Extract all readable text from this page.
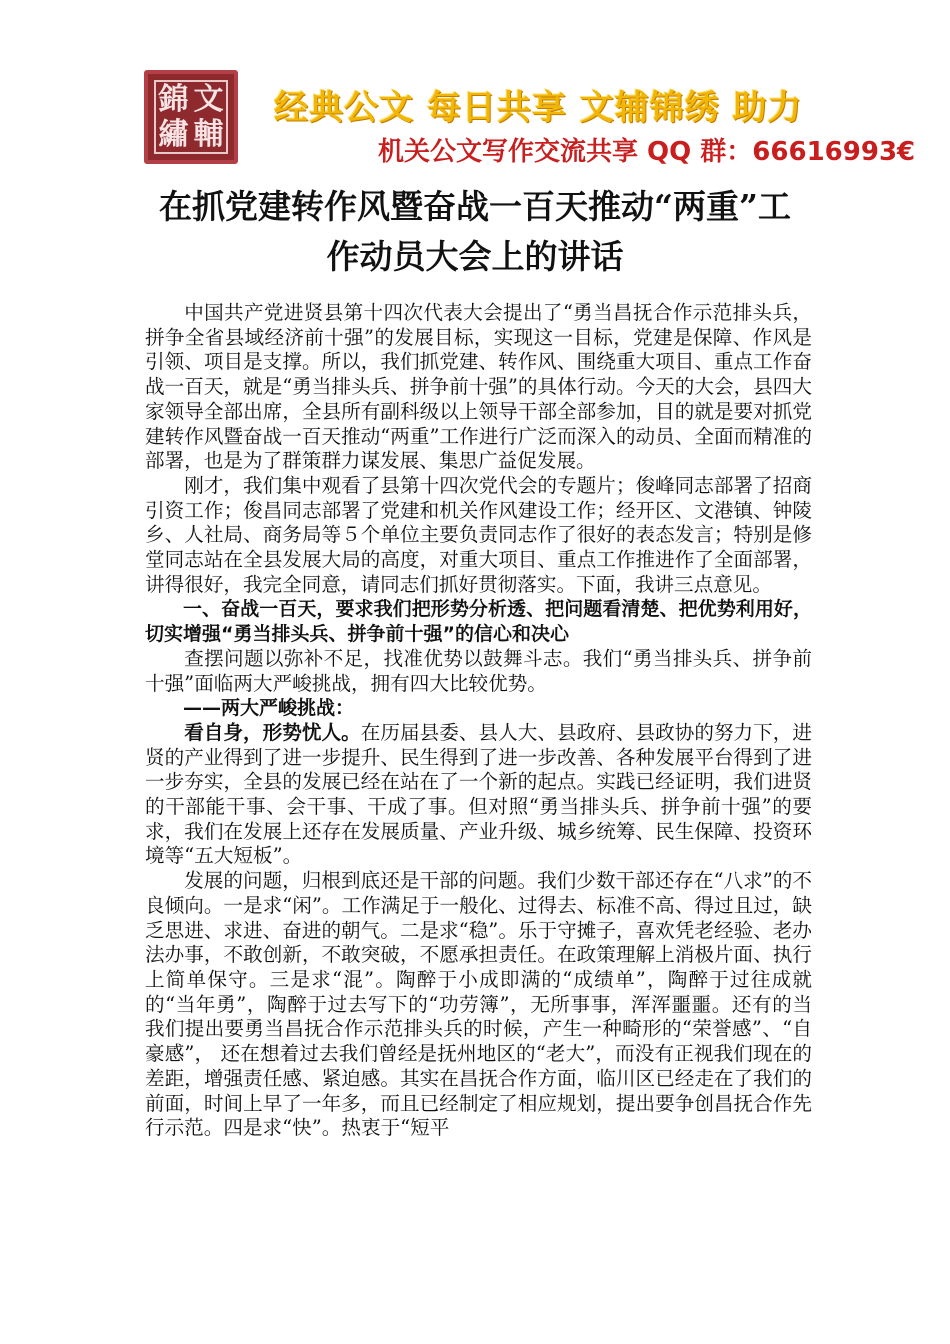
錦 文
繡 輔
经典公文 每日共享 文辅锦绣 助力
机关公文写作交流共享 QQ 群：66616993€
在抓党建转作风暨奋战一百天推动“两重”工作动员大会上的讲话

中国共产党进贤县第十四次代表大会提出了“勇当昌抚合作示范排头兵，拼争全省县域经济前十强”的发展目标，实现这一目标，党建是保障、作风是引领、项目是支撑。所以，我们抓党建、转作风、围绕重大项目、重点工作奋战一百天，就是“勇当排头兵、拼争前十强”的具体行动。今天的大会，县四大家领导全部出席，全县所有副科级以上领导干部全部参加，目的就是要对抓党建转作风暨奋战一百天推动“两重”工作进行广泛而深入的动员、全面而精准的部署，也是为了群策群力谋发展、集思广益促发展。

刚才，我们集中观看了县第十四次党代会的专题片；俊峰同志部署了招商引资工作；俊昌同志部署了党建和机关作风建设工作；经开区、文港镇、钟陵乡、人社局、商务局等５个单位主要负责同志作了很好的表态发言；特别是修堂同志站在全县发展大局的高度，对重大项目、重点工作推进作了全面部署，讲得很好，我完全同意，请同志们抓好贯彻落实。下面，我讲三点意见。

一、奋战一百天，要求我们把形势分析透、把问题看清楚、把优势利用好，切实增强“勇当排头兵、拼争前十强”的信心和决心

查摆问题以弥补不足，找准优势以鼓舞斗志。我们“勇当排头兵、拼争前十强”面临两大严峻挑战，拥有四大比较优势。

——两大严峻挑战：

看自身，形势忧人。在历届县委、县人大、县政府、县政协的努力下，进贤的产业得到了进一步提升、民生得到了进一步改善、各种发展平台得到了进一步夯实，全县的发展已经在站在了一个新的起点。实践已经证明，我们进贤的干部能干事、会干事、干成了事。但对照“勇当排头兵、拼争前十强”的要求，我们在发展上还存在发展质量、产业升级、城乡统筹、民生保障、投资环境等“五大短板”。

发展的问题，归根到底还是干部的问题。我们少数干部还存在“八求”的不良倾向。一是求“闲”。工作满足于一般化、过得去、标准不高、得过且过，缺乏思进、求进、奋进的朝气。二是求“稳”。乐于守摊子，喜欢凭老经验、老办法办事，不敢创新，不敢突破，不愿承担责任。在政策理解上消极片面、执行上简单保守。三是求“混”。陶醉于小成即满的“成绩单”，陶醉于过往成就的“当年勇”，陶醉于过去写下的“功劳簿”，无所事事，浑浑噩噩。还有的当我们提出要勇当昌抚合作示范排头兵的时候，产生一种畸形的“荣誉感”、“自豪感”， 还在想着过去我们曾经是抚州地区的“老大”，而没有正视我们现在的差距，增强责任感、紧迫感。其实在昌抚合作方面，临川区已经走在了我们的前面，时间上早了一年多，而且已经制定了相应规划，提出要争创昌抚合作先行示范。四是求“快”。热衷于“短平
